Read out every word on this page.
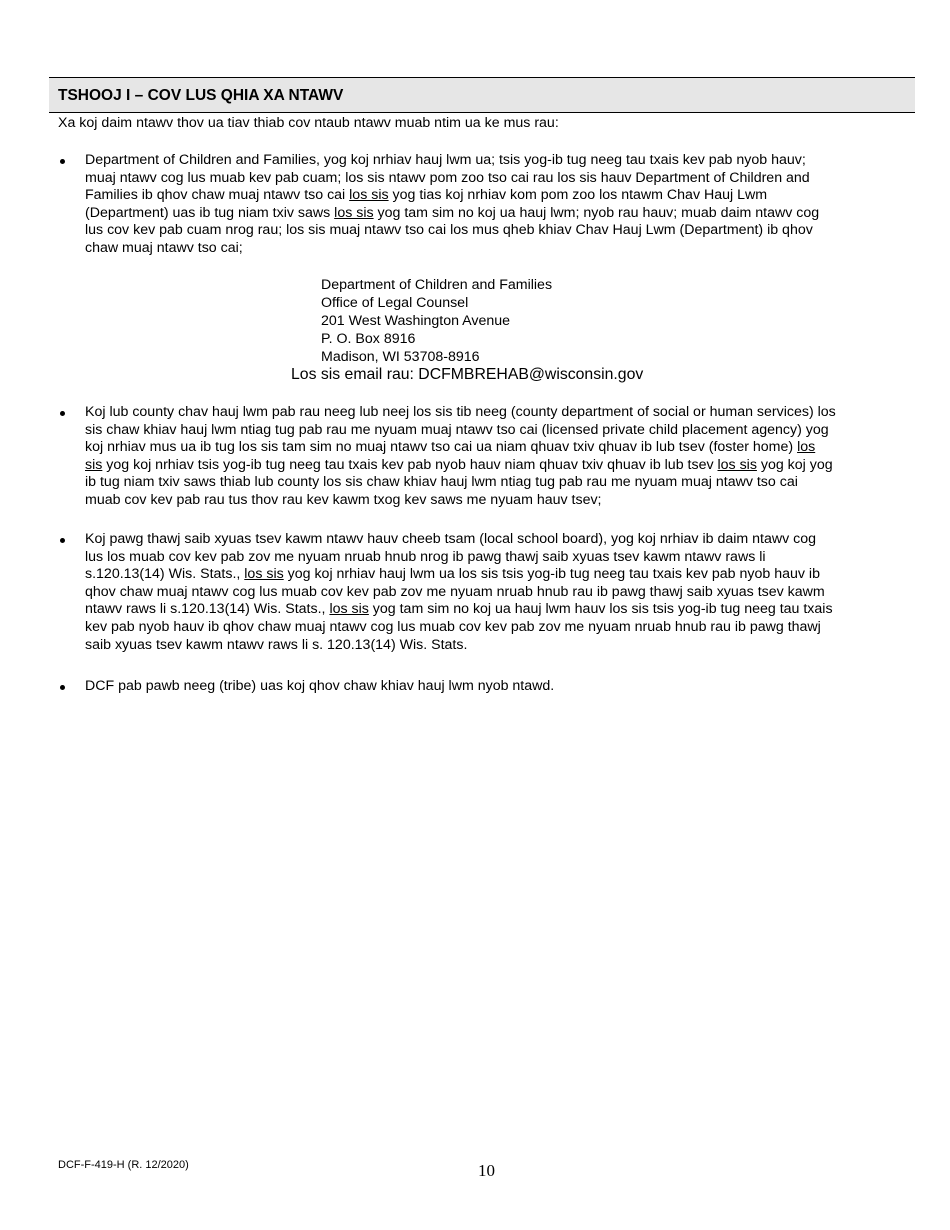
TSHOOJ I – COV LUS QHIA XA NTAWV
Xa koj daim ntawv thov ua tiav thiab cov ntaub ntawv muab ntim ua ke mus rau:
Department of Children and Families, yog koj nrhiav hauj lwm ua; tsis yog-ib tug neeg tau txais kev pab nyob hauv;
muaj ntawv cog lus muab kev pab cuam; los sis ntawv pom zoo tso cai rau los sis hauv Department of Children and
Families ib qhov chaw muaj ntawv tso cai los sis yog tias koj nrhiav kom pom zoo los ntawm Chav Hauj Lwm
(Department) uas ib tug niam txiv saws los sis yog tam sim no koj ua hauj lwm; nyob rau hauv; muab daim ntawv cog
lus cov kev pab cuam nrog rau; los sis muaj ntawv tso cai los mus qheb khiav Chav Hauj Lwm (Department) ib qhov
chaw muaj ntawv tso cai;
Department of Children and Families
Office of Legal Counsel
201 West Washington Avenue
P. O. Box 8916
Madison, WI 53708-8916
Los sis email rau: DCFMBREHAB@wisconsin.gov
Koj lub county chav hauj lwm pab rau neeg lub neej los sis tib neeg (county department of social or human services) los
sis chaw khiav hauj lwm ntiag tug pab rau me nyuam muaj ntawv tso cai (licensed private child placement agency) yog
koj nrhiav mus ua ib tug los sis tam sim no muaj ntawv tso cai ua niam qhuav txiv qhuav ib lub tsev (foster home) los
sis yog koj nrhiav tsis yog-ib tug neeg tau txais kev pab nyob hauv niam qhuav txiv qhuav ib lub tsev los sis yog koj yog
ib tug niam txiv saws thiab lub county los sis chaw khiav hauj lwm ntiag tug pab rau me nyuam muaj ntawv tso cai
muab cov kev pab rau tus thov rau kev kawm txog kev saws me nyuam hauv tsev;
Koj pawg thawj saib xyuas tsev kawm ntawv hauv cheeb tsam (local school board), yog koj nrhiav ib daim ntawv cog
lus los muab cov kev pab zov me nyuam nruab hnub nrog ib pawg thawj saib xyuas tsev kawm ntawv raws li
s.120.13(14) Wis. Stats., los sis yog koj nrhiav hauj lwm ua los sis tsis yog-ib tug neeg tau txais kev pab nyob hauv ib
qhov chaw muaj ntawv cog lus muab cov kev pab zov me nyuam nruab hnub rau ib pawg thawj saib xyuas tsev kawm
ntawv raws li s.120.13(14) Wis. Stats., los sis yog tam sim no koj ua hauj lwm hauv los sis tsis yog-ib tug neeg tau txais
kev pab nyob hauv ib qhov chaw muaj ntawv cog lus muab cov kev pab zov me nyuam nruab hnub rau ib pawg thawj
saib xyuas tsev kawm ntawv raws li s. 120.13(14) Wis. Stats.
DCF pab pawb neeg (tribe) uas koj qhov chaw khiav hauj lwm nyob ntawd.
DCF-F-419-H (R. 12/2020)	10
